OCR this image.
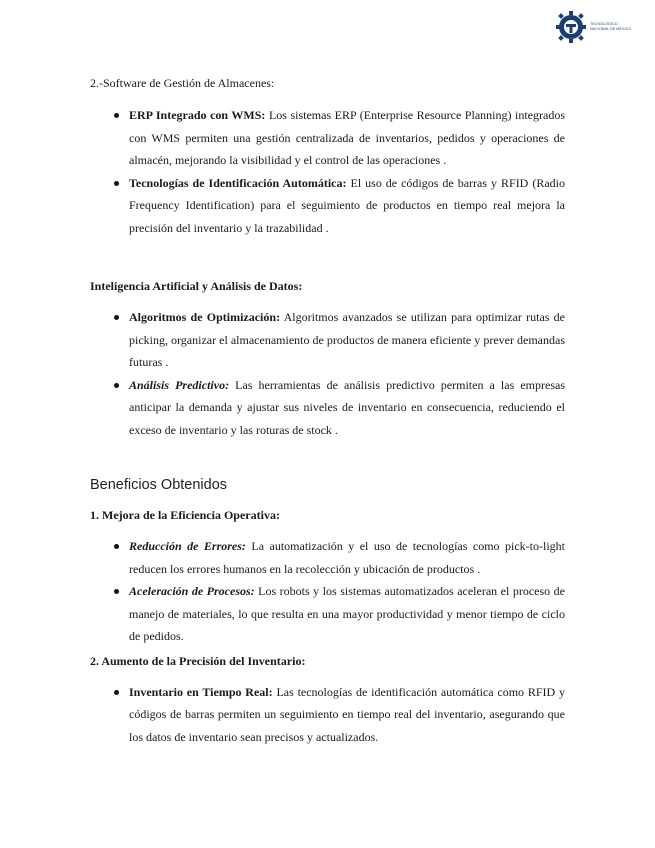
TECNOLÓGICO
NACIONAL DE MÉXICO
2.-Software de Gestión de Almacenes:
ERP Integrado con WMS: Los sistemas ERP (Enterprise Resource Planning) integrados con WMS permiten una gestión centralizada de inventarios, pedidos y operaciones de almacén, mejorando la visibilidad y el control de las operaciones .
Tecnologías de Identificación Automática: El uso de códigos de barras y RFID (Radio Frequency Identification) para el seguimiento de productos en tiempo real mejora la precisión del inventario y la trazabilidad .
Inteligencia Artificial y Análisis de Datos:
Algoritmos de Optimización: Algoritmos avanzados se utilizan para optimizar rutas de picking, organizar el almacenamiento de productos de manera eficiente y prever demandas futuras .
Análisis Predictivo: Las herramientas de análisis predictivo permiten a las empresas anticipar la demanda y ajustar sus niveles de inventario en consecuencia, reduciendo el exceso de inventario y las roturas de stock .
Beneficios Obtenidos
1. Mejora de la Eficiencia Operativa:
Reducción de Errores: La automatización y el uso de tecnologías como pick-to-light reducen los errores humanos en la recolección y ubicación de productos .
Aceleración de Procesos: Los robots y los sistemas automatizados aceleran el proceso de manejo de materiales, lo que resulta en una mayor productividad y menor tiempo de ciclo de pedidos.
2. Aumento de la Precisión del Inventario:
Inventario en Tiempo Real: Las tecnologías de identificación automática como RFID y códigos de barras permiten un seguimiento en tiempo real del inventario, asegurando que los datos de inventario sean precisos y actualizados.
